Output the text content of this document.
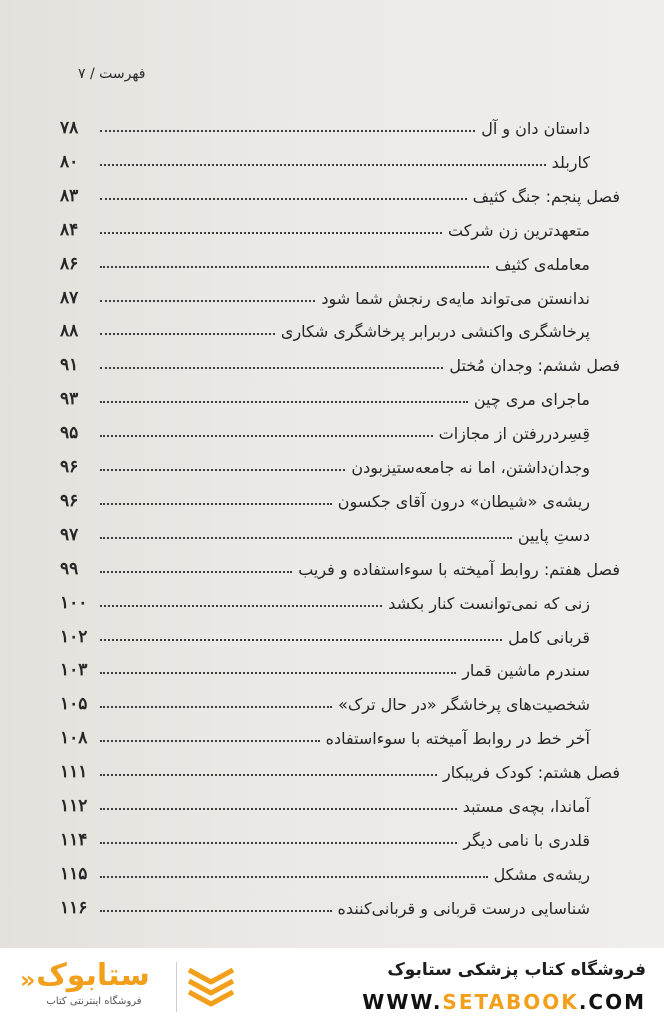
فهرست / ۷
داستان دان و آل
۷۸
کاربلد
۸۰
فصل پنجم: جنگ کثیف
۸۳
متعهدترین زن شرکت
۸۴
معامله‌ی کثیف
۸۶
ندانستن می‌تواند مایه‌ی رنجش شما شود
۸۷
پرخاشگری واکنشی دربرابر پرخاشگری شکاری
۸۸
فصل ششم: وجدان مُختل
۹۱
ماجرای مری چین
۹۳
قِسِردررفتن از مجازات
۹۵
وجدان‌داشتن، اما نه جامعه‌ستیزبودن
۹۶
ریشه‌ی «شیطان» درون آقای جکسون
۹۶
دستِ پایین
۹۷
فصل هفتم: روابط آمیخته با سوءاستفاده و فریب
۹۹
زنی که نمی‌توانست کنار بکشد
۱۰۰
قربانی کامل
۱۰۲
سندرم ماشین قمار
۱۰۳
شخصیت‌های پرخاشگر «در حال ترک»
۱۰۵
آخر خط در روابط آمیخته با سوءاستفاده
۱۰۸
فصل هشتم: کودک فریبکار
۱۱۱
آماندا، بچه‌ی مستبد
۱۱۲
قلدری با نامی دیگر
۱۱۴
ریشه‌ی مشکل
۱۱۵
شناسایی درست قربانی و قربانی‌کننده
۱۱۶
» ستابوک
فروشگاه اینترنتی کتاب
فروشگاه کتاب پزشکی ستابوک
WWW.SETABOOK.COM
